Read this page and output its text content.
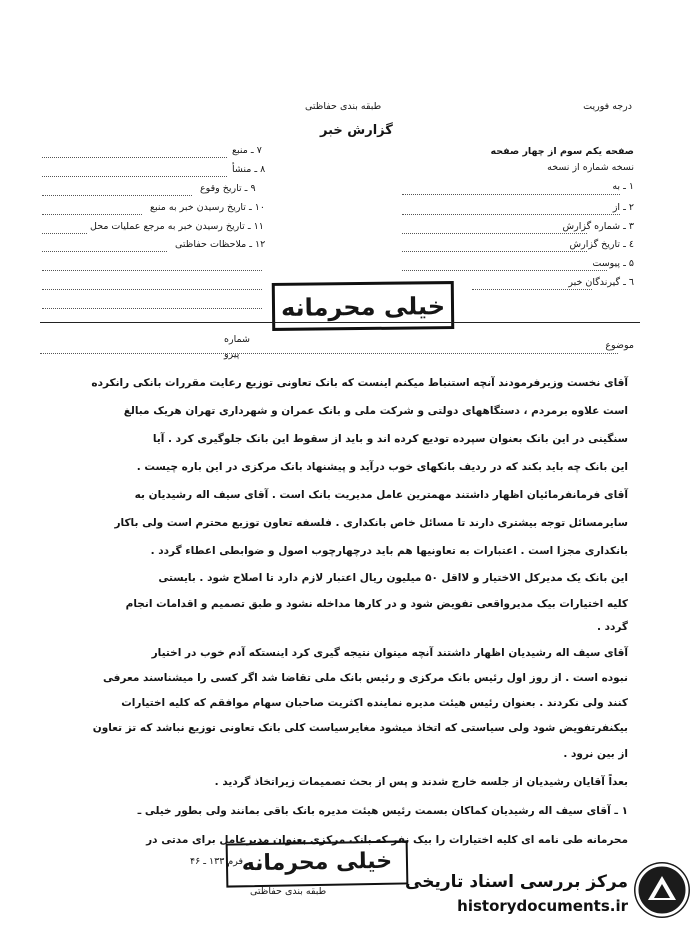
درجه فوریت
طبقه بندی حفاظتی
گزارش خبر
صفحه یکم سوم از چهار صفحه
نسخه شماره از نسخه
۱ ـ به
۲ ـ از
۳ ـ شماره گزارش
٤ ـ تاریخ گزارش
۵ ـ پیوست
٦ ـ گیرندگان خبر
۷ ـ منبع
۸ ـ منشأ
۹ ـ تاریخ وقوع
۱۰ ـ تاریخ رسیدن خبر به منبع
۱۱ ـ تاریخ رسیدن خبر به مرجع عملیات محل
۱۲ ـ ملاحظات حفاظتی
خیلی محرمانه
شماره
پیرو
موضوع
آقای نخست وزیرفرمودند آنچه استنباط میکنم اینست که بانک تعاونی توزیع رعایت مقررات بانکی رانکرده
است علاوه برمردم ، دستگاههای دولتی و شرکت ملی و بانک عمران و شهرداری تهران هریک مبالغ
سنگینی در این بانک بعنوان سپرده تودیع کرده اند و باید از سقوط این بانک جلوگیری کرد . آیا
این بانک چه باید بکند که در ردیف بانکهای خوب درآید و پیشنهاد بانک مرکزی در این باره چیست .
آقای فرمانفرمائیان اظهار داشتند مهمترین عامل مدیریت بانک است . آقای سیف اله رشیدیان به
سایرمسائل توجه بیشتری دارند تا مسائل خاص بانکداری . فلسفه تعاون توزیع محترم است ولی باکار
بانکداری مجزا است . اعتبارات به تعاونیها هم باید درچهارچوب اصول و ضوابطی اعطاء گردد .
این بانک یک مدیرکل الاختیار و لااقل ۵۰ میلیون ریال اعتبار لازم دارد تا اصلاح شود . بایستی
کلیه اختیارات بیک مدیرواقعی تفویض شود و در کارها مداخله نشود و طبق تصمیم و اقدامات انجام
گردد .
آقای سیف اله رشیدیان اظهار داشتند آنچه میتوان نتیجه گیری کرد اینستکه آدم خوب در اختیار
نبوده است . از روز اول رئیس بانک مرکزی و رئیس بانک ملی تقاضا شد اگر کسی را میشناسند معرفی
کنند ولی نکردند . بعنوان رئیس هیئت مدیره نماینده اکثریت صاحبان سهام موافقم که کلیه اختیارات
بیکنفرتفویض شود ولی سیاستی که اتخاذ میشود مغایرسیاست کلی بانک تعاونی توزیع نباشد که تز تعاون
از بین نرود .
بعداً آقایان رشیدیان از جلسه خارج شدند و پس از بحث تصمیمات زیراتخاذ گردید .
۱ ـ آقای سیف اله رشیدیان کماکان بسمت رئیس هیئت مدیره بانک باقی بمانند ولی بطور خیلی ـ
محرمانه طی نامه ای کلیه اختیارات را بیک نفر که بانک مرکزی بعنوان مدیرعامل برای مدتی در
فرم ۱۳۳ ـ ۴۶
خیلی محرمانه
طبقه بندی حفاظتی	مرکز بررسی اسناد تاریخی
historydocuments.ir
